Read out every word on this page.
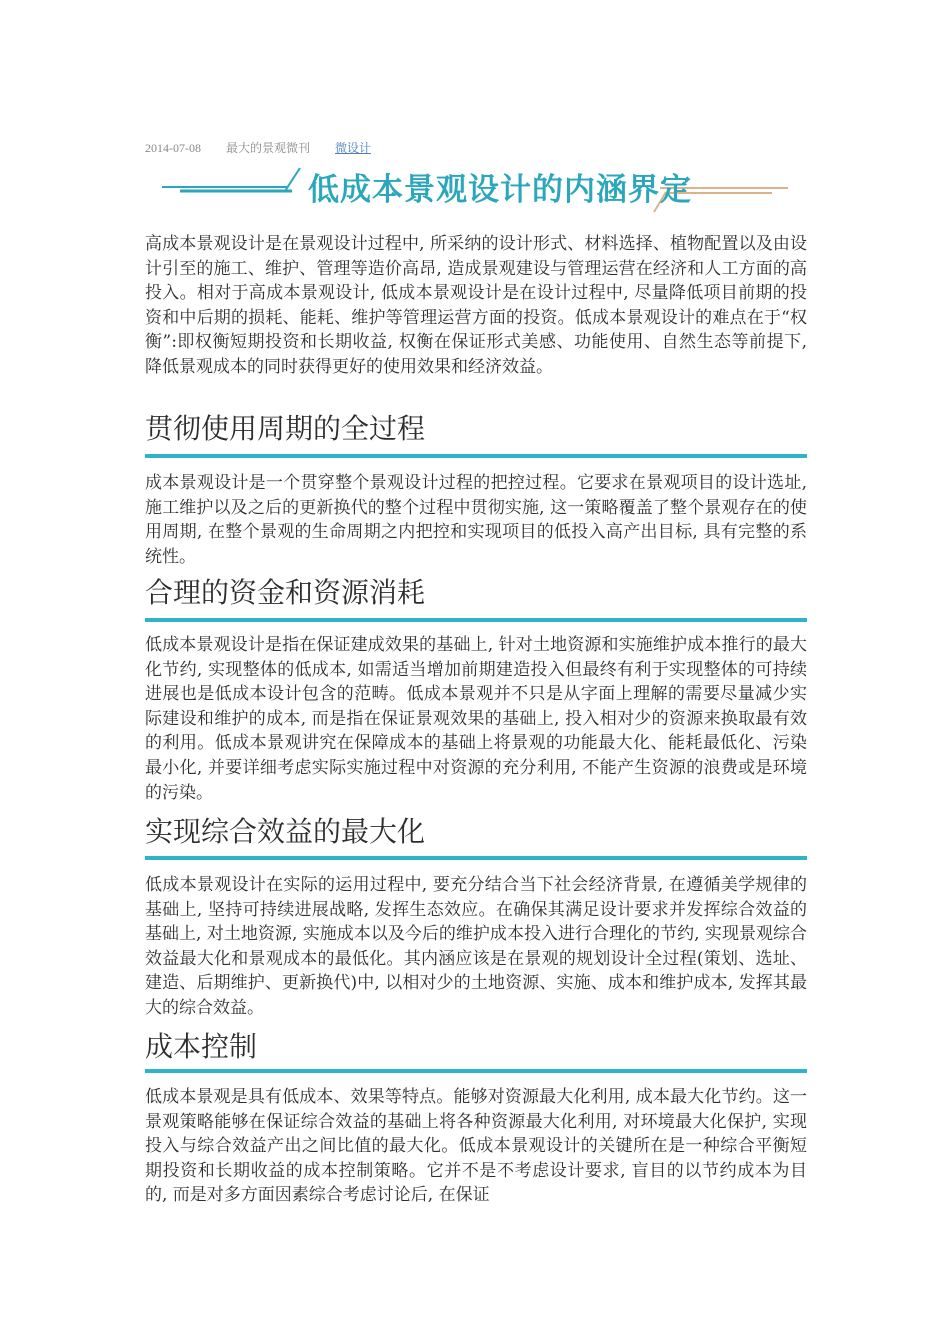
2014-07-08 最大的景观微刊 微设计
低成本景观设计的内涵界定

高成本景观设计是在景观设计过程中, 所采纳的设计形式、材料选择、植物配置以及由设计引至的施工、维护、管理等造价高昂, 造成景观建设与管理运营在经济和人工方面的高投入。相对于高成本景观设计, 低成本景观设计是在设计过程中, 尽量降低项目前期的投资和中后期的损耗、能耗、维护等管理运营方面的投资。低成本景观设计的难点在于“权衡”:即权衡短期投资和长期收益, 权衡在保证形式美感、功能使用、自然生态等前提下, 降低景观成本的同时获得更好的使用效果和经济效益。

贯彻使用周期的全过程

成本景观设计是一个贯穿整个景观设计过程的把控过程。它要求在景观项目的设计选址, 施工维护以及之后的更新换代的整个过程中贯彻实施, 这一策略覆盖了整个景观存在的使用周期, 在整个景观的生命周期之内把控和实现项目的低投入高产出目标, 具有完整的系统性。

合理的资金和资源消耗

低成本景观设计是指在保证建成效果的基础上, 针对土地资源和实施维护成本推行的最大化节约, 实现整体的低成本, 如需适当增加前期建造投入但最终有利于实现整体的可持续进展也是低成本设计包含的范畴。低成本景观并不只是从字面上理解的需要尽量减少实际建设和维护的成本, 而是指在保证景观效果的基础上, 投入相对少的资源来换取最有效的利用。低成本景观讲究在保障成本的基础上将景观的功能最大化、能耗最低化、污染最小化, 并要详细考虑实际实施过程中对资源的充分利用, 不能产生资源的浪费或是环境的污染。

实现综合效益的最大化

低成本景观设计在实际的运用过程中, 要充分结合当下社会经济背景, 在遵循美学规律的基础上, 坚持可持续进展战略, 发挥生态效应。在确保其满足设计要求并发挥综合效益的基础上, 对土地资源, 实施成本以及今后的维护成本投入进行合理化的节约, 实现景观综合效益最大化和景观成本的最低化。其内涵应该是在景观的规划设计全过程(策划、选址、建造、后期维护、更新换代)中, 以相对少的土地资源、实施、成本和维护成本, 发挥其最大的综合效益。

成本控制

低成本景观是具有低成本、效果等特点。能够对资源最大化利用, 成本最大化节约。这一景观策略能够在保证综合效益的基础上将各种资源最大化利用, 对环境最大化保护, 实现投入与综合效益产出之间比值的最大化。低成本景观设计的关键所在是一种综合平衡短期投资和长期收益的成本控制策略。它并不是不考虑设计要求, 盲目的以节约成本为目的, 而是对多方面因素综合考虑讨论后, 在保证
